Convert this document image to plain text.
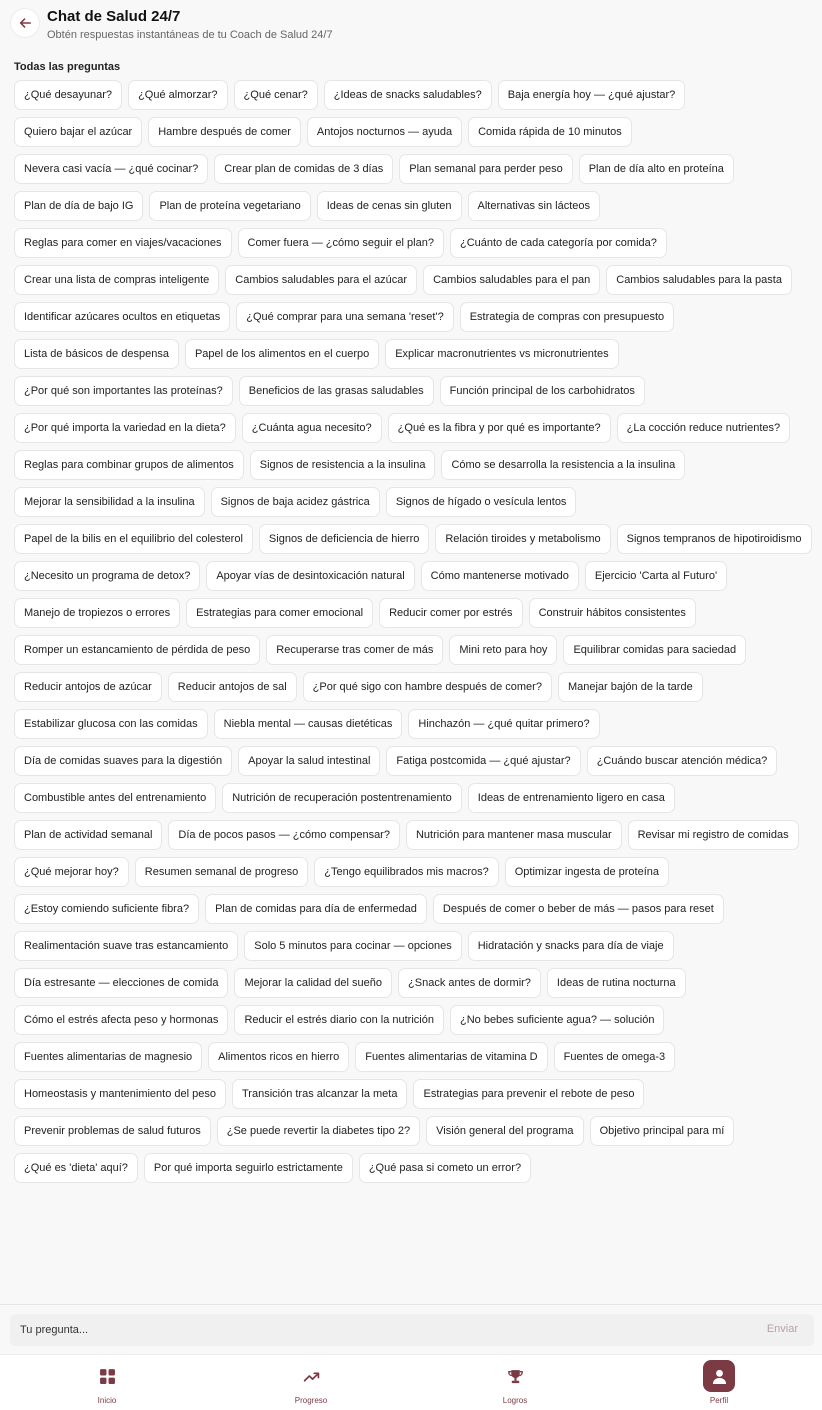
Chat de Salud 24/7
Obtén respuestas instantáneas de tu Coach de Salud 24/7
Todas las preguntas
¿Qué desayunar?	¿Qué almorzar?	¿Qué cenar?	¿Ideas de snacks saludables?	Baja energía hoy — ¿qué ajustar?
Quiero bajar el azúcar	Hambre después de comer	Antojos nocturnos — ayuda	Comida rápida de 10 minutos
Nevera casi vacía — ¿qué cocinar?	Crear plan de comidas de 3 días	Plan semanal para perder peso	Plan de día alto en proteína
Plan de día de bajo IG	Plan de proteína vegetariano	Ideas de cenas sin gluten	Alternativas sin lácteos
Reglas para comer en viajes/vacaciones	Comer fuera — ¿cómo seguir el plan?	¿Cuánto de cada categoría por comida?
Crear una lista de compras inteligente	Cambios saludables para el azúcar	Cambios saludables para el pan	Cambios saludables para la pasta
Identificar azúcares ocultos en etiquetas	¿Qué comprar para una semana 'reset'?	Estrategia de compras con presupuesto
Lista de básicos de despensa	Papel de los alimentos en el cuerpo	Explicar macronutrientes vs micronutrientes
¿Por qué son importantes las proteínas?	Beneficios de las grasas saludables	Función principal de los carbohidratos
¿Por qué importa la variedad en la dieta?	¿Cuánta agua necesito?	¿Qué es la fibra y por qué es importante?	¿La cocción reduce nutrientes?
Reglas para combinar grupos de alimentos	Signos de resistencia a la insulina	Cómo se desarrolla la resistencia a la insulina
Mejorar la sensibilidad a la insulina	Signos de baja acidez gástrica	Signos de hígado o vesícula lentos
Papel de la bilis en el equilibrio del colesterol	Signos de deficiencia de hierro	Relación tiroides y metabolismo	Signos tempranos de hipotiroidismo
¿Necesito un programa de detox?	Apoyar vías de desintoxicación natural	Cómo mantenerse motivado	Ejercicio 'Carta al Futuro'
Manejo de tropiezos o errores	Estrategias para comer emocional	Reducir comer por estrés	Construir hábitos consistentes
Romper un estancamiento de pérdida de peso	Recuperarse tras comer de más	Mini reto para hoy	Equilibrar comidas para saciedad
Reducir antojos de azúcar	Reducir antojos de sal	¿Por qué sigo con hambre después de comer?	Manejar bajón de la tarde
Estabilizar glucosa con las comidas	Niebla mental — causas dietéticas	Hinchazón — ¿qué quitar primero?
Día de comidas suaves para la digestión	Apoyar la salud intestinal	Fatiga postcomida — ¿qué ajustar?	¿Cuándo buscar atención médica?
Combustible antes del entrenamiento	Nutrición de recuperación postentrenamiento	Ideas de entrenamiento ligero en casa
Plan de actividad semanal	Día de pocos pasos — ¿cómo compensar?	Nutrición para mantener masa muscular	Revisar mi registro de comidas
¿Qué mejorar hoy?	Resumen semanal de progreso	¿Tengo equilibrados mis macros?	Optimizar ingesta de proteína
¿Estoy comiendo suficiente fibra?	Plan de comidas para día de enfermedad	Después de comer o beber de más — pasos para reset
Realimentación suave tras estancamiento	Solo 5 minutos para cocinar — opciones	Hidratación y snacks para día de viaje
Día estresante — elecciones de comida	Mejorar la calidad del sueño	¿Snack antes de dormir?	Ideas de rutina nocturna
Cómo el estrés afecta peso y hormonas	Reducir el estrés diario con la nutrición	¿No bebes suficiente agua? — solución
Fuentes alimentarias de magnesio	Alimentos ricos en hierro	Fuentes alimentarias de vitamina D	Fuentes de omega-3
Homeostasis y mantenimiento del peso	Transición tras alcanzar la meta	Estrategias para prevenir el rebote de peso
Prevenir problemas de salud futuros	¿Se puede revertir la diabetes tipo 2?	Visión general del programa	Objetivo principal para mí
¿Qué es 'dieta' aquí?	Por qué importa seguirlo estrictamente	¿Qué pasa si cometo un error?
Tu pregunta...
Enviar
Inicio	Progreso	Logros	Perfil
